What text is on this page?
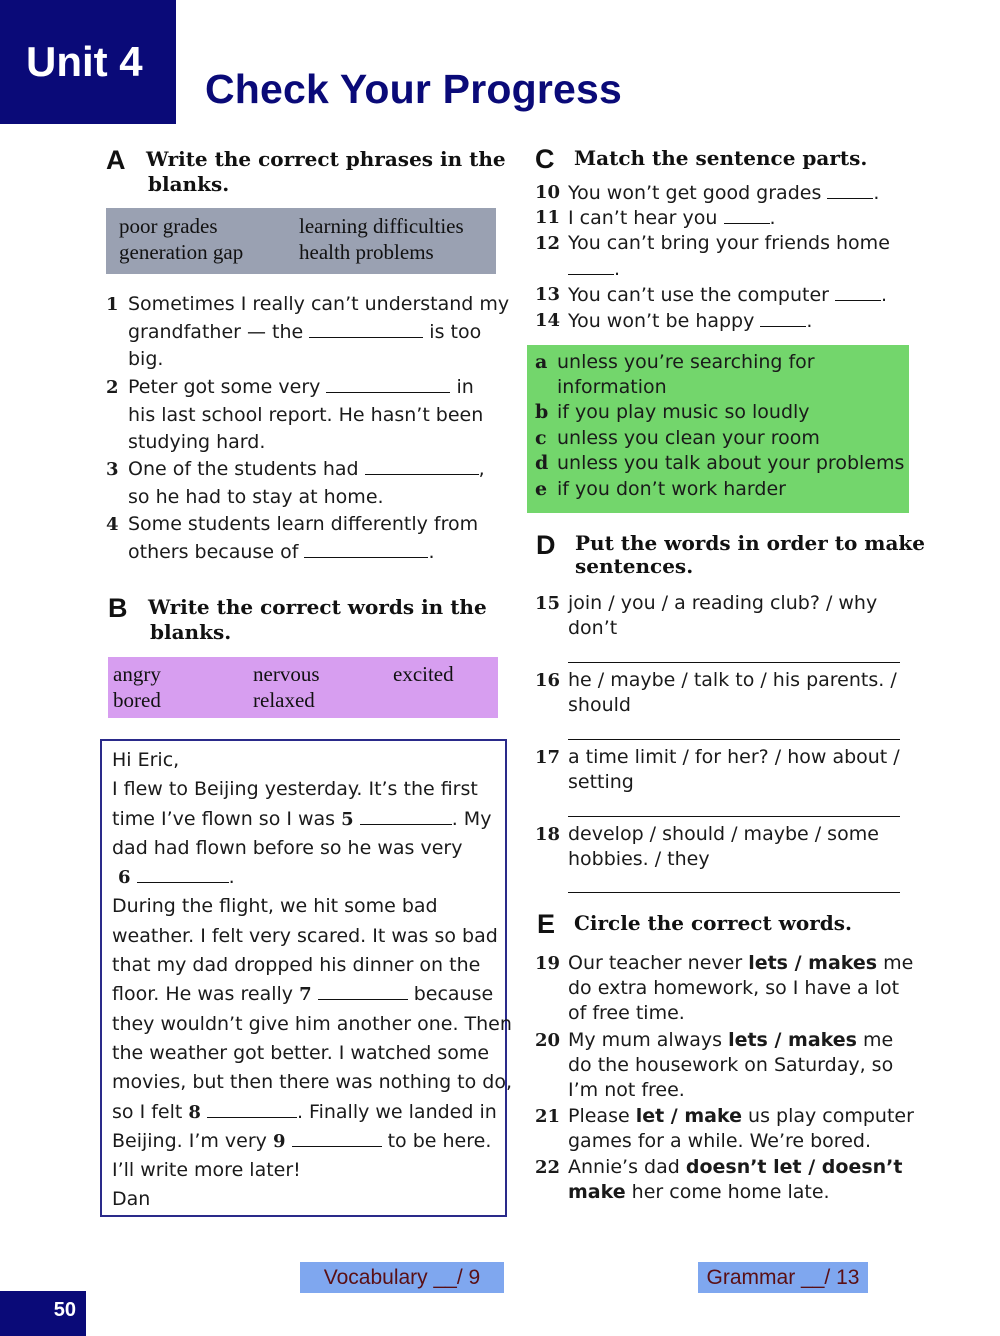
Unit 4
Check Your Progress
A Write the correct phrases in the
blanks.
poor grades	learning difficulties
generation gap	health problems
1 Sometimes I really can’t understand my
grandfather — the	is too
big.
2 Peter got some very	in
his last school report. He hasn’t been
studying hard.
3 One of the students had	,
so he had to stay at home.
4 Some students learn differently from
others because of	.
B Write the correct words in the
blanks.
angry	nervous	excited
bored	relaxed
Hi Eric,
I flew to Beijing yesterday. It’s the first
time I’ve flown so I was 5	. My
dad had flown before so he was very
6	.
During the flight, we hit some bad
weather. I felt very scared. It was so bad
that my dad dropped his dinner on the
floor. He was really 7	because
they wouldn’t give him another one. Then
the weather got better. I watched some
movies, but then there was nothing to do,
so I felt 8	. Finally we landed in
Beijing. I’m very 9	to be here.
I’ll write more later!
Dan
C Match the sentence parts.
10 You won’t get good grades	.
11 I can’t hear you	.
12 You can’t bring your friends home
.
13 You can’t use the computer	.
14 You won’t be happy	.
a unless you’re searching for
information
b if you play music so loudly
c unless you clean your room
d unless you talk about your problems
e if you don’t work harder
D Put the words in order to make
sentences.
15 join / you / a reading club? / why
don’t
16 he / maybe / talk to / his parents. /
should
17 a time limit / for her? / how about /
setting
18 develop / should / maybe / some
hobbies. / they
E Circle the correct words.
19 Our teacher never lets / makes me
do extra homework, so I have a lot
of free time.
20 My mum always lets / makes me
do the housework on Saturday, so
I’m not free.
21 Please let / make us play computer
games for a while. We’re bored.
22 Annie’s dad doesn’t let / doesn’t
make her come home late.
Vocabulary __/ 9	Grammar __/ 13
50
